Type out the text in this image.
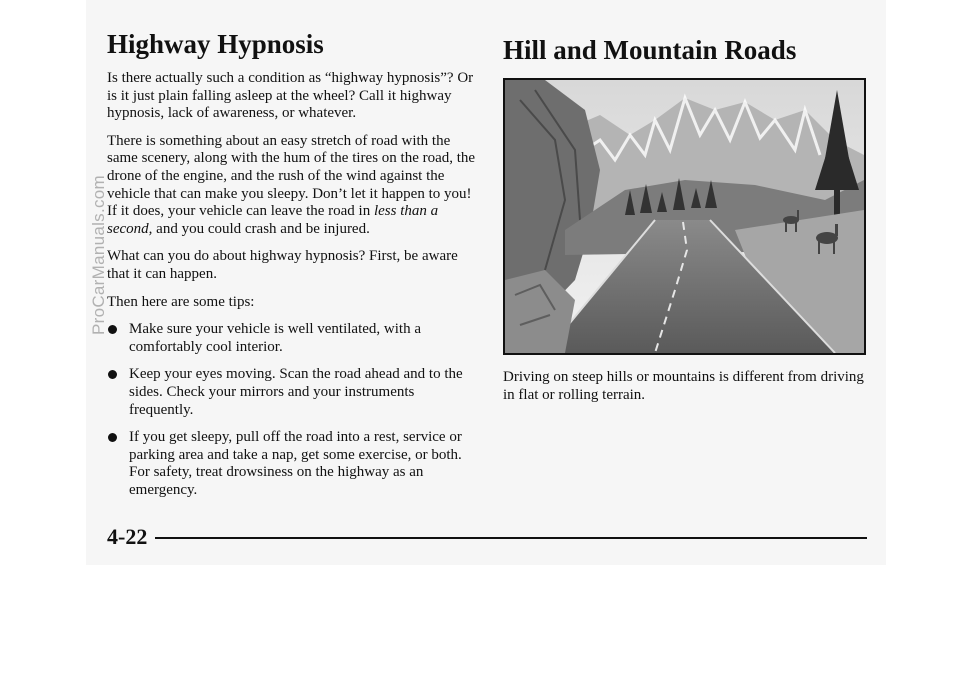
ProCarManuals.com
Highway Hypnosis

Is there actually such a condition as “highway hypnosis”? Or is it just plain falling asleep at the wheel? Call it highway hypnosis, lack of awareness, or whatever.

There is something about an easy stretch of road with the same scenery, along with the hum of the tires on the road, the drone of the engine, and the rush of the wind against the vehicle that can make you sleepy. Don’t let it happen to you! If it does, your vehicle can leave the road in less than a second, and you could crash and be injured.

What can you do about highway hypnosis? First, be aware that it can happen.

Then here are some tips:

Make sure your vehicle is well ventilated, with a comfortably cool interior.
Keep your eyes moving. Scan the road ahead and to the sides. Check your mirrors and your instruments frequently.
If you get sleepy, pull off the road into a rest, service or parking area and take a nap, get some exercise, or both. For safety, treat drowsiness on the highway as an emergency.
Hill and Mountain Roads

Driving on steep hills or mountains is different from driving in flat or rolling terrain.

4-22
